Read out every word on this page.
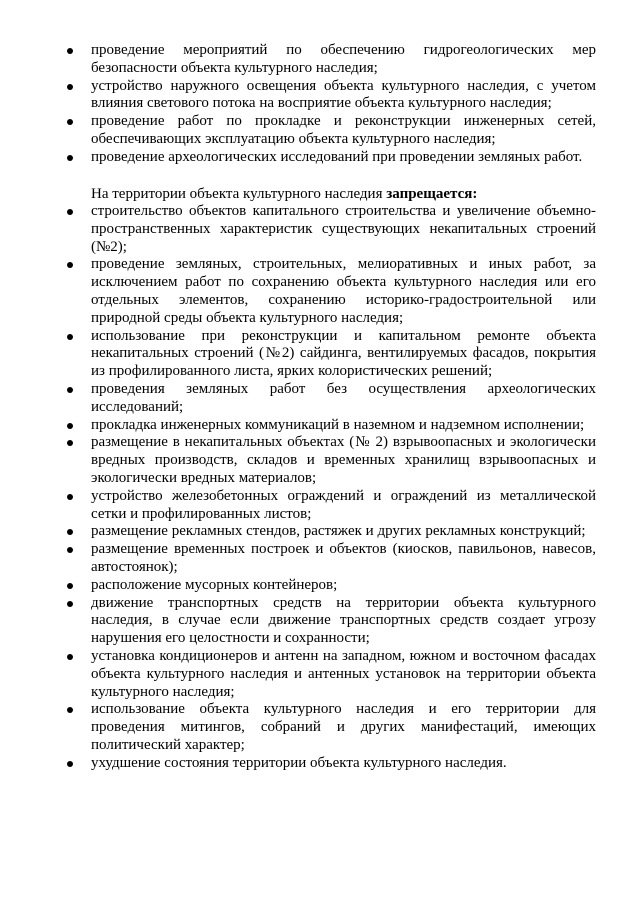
проведение мероприятий по обеспечению гидрогеологических мер безопасности объекта культурного наследия;
устройство наружного освещения объекта культурного наследия, с учетом влияния светового потока на восприятие объекта культурного наследия;
проведение работ по прокладке и реконструкции инженерных сетей, обеспечивающих эксплуатацию объекта культурного наследия;
проведение археологических исследований при проведении земляных работ.

На территории объекта культурного наследия запрещается:

строительство объектов капитального строительства и увеличение объемно-пространственных характеристик существующих некапитальных строений (№2);
проведение земляных, строительных, мелиоративных и иных работ, за исключением работ по сохранению объекта культурного наследия или его отдельных элементов, сохранению историко-градостроительной или природной среды объекта культурного наследия;
использование при реконструкции и капитальном ремонте объекта некапитальных строений (№2) сайдинга, вентилируемых фасадов, покрытия из профилированного листа, ярких колористических решений;
проведения земляных работ без осуществления археологических исследований;
прокладка инженерных коммуникаций в наземном и надземном исполнении;
размещение в некапитальных объектах (№ 2) взрывоопасных и экологически вредных производств, складов и временных хранилищ взрывоопасных и экологически вредных материалов;
устройство железобетонных ограждений и ограждений из металлической сетки и профилированных листов;
размещение рекламных стендов, растяжек и других рекламных конструкций;
размещение временных построек и объектов (киосков, павильонов, навесов, автостоянок);
расположение мусорных контейнеров;
движение транспортных средств на территории объекта культурного наследия, в случае если движение транспортных средств создает угрозу нарушения его целостности и сохранности;
установка кондиционеров и антенн на западном, южном и восточном фасадах объекта культурного наследия и антенных установок на территории объекта культурного наследия;
использование объекта культурного наследия и его территории для проведения митингов, собраний и других манифестаций, имеющих политический характер;
ухудшение состояния территории объекта культурного наследия.
